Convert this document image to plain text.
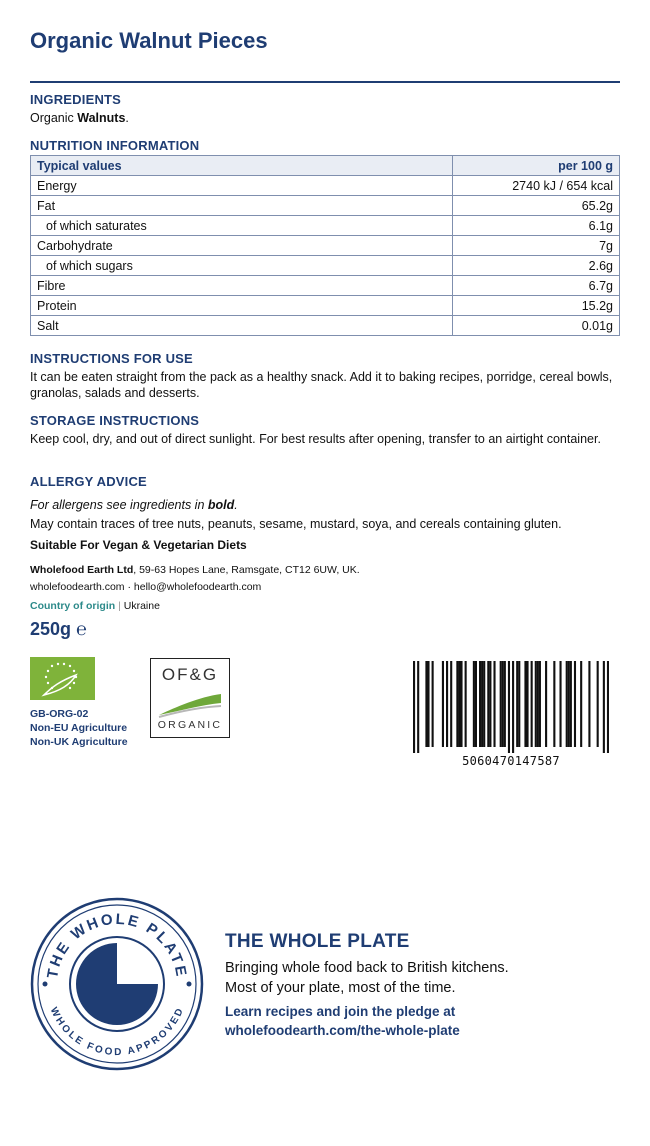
Organic Walnut Pieces
INGREDIENTS
Organic Walnuts.
NUTRITION INFORMATION
Typical values	per 100 g
Energy	2740 kJ / 654 kcal
Fat	65.2g
of which saturates	6.1g
Carbohydrate	7g
of which sugars	2.6g
Fibre	6.7g
Protein	15.2g
Salt	0.01g
INSTRUCTIONS FOR USE
It can be eaten straight from the pack as a healthy snack. Add it to baking recipes, porridge, cereal bowls, granolas, salads and desserts.
STORAGE INSTRUCTIONS
Keep cool, dry, and out of direct sunlight. For best results after opening, transfer to an airtight container.
ALLERGY ADVICE
For allergens see ingredients in bold.
May contain traces of tree nuts, peanuts, sesame, mustard, soya, and cereals containing gluten.
Suitable For Vegan & Vegetarian Diets
Wholefood Earth Ltd, 59-63 Hopes Lane, Ramsgate, CT12 6UW, UK.
wholefoodearth.com · hello@wholefoodearth.com
Country of origin | Ukraine
250g ℮
GB-ORG-02
Non-EU Agriculture
Non-UK Agriculture
OF&G
ORGANIC
5060470147587
THE WHOLE PLATE
WHOLE FOOD APPROVED
THE WHOLE PLATE
Bringing whole food back to British kitchens.
Most of your plate, most of the time.
Learn recipes and join the pledge at
wholefoodearth.com/the-whole-plate
